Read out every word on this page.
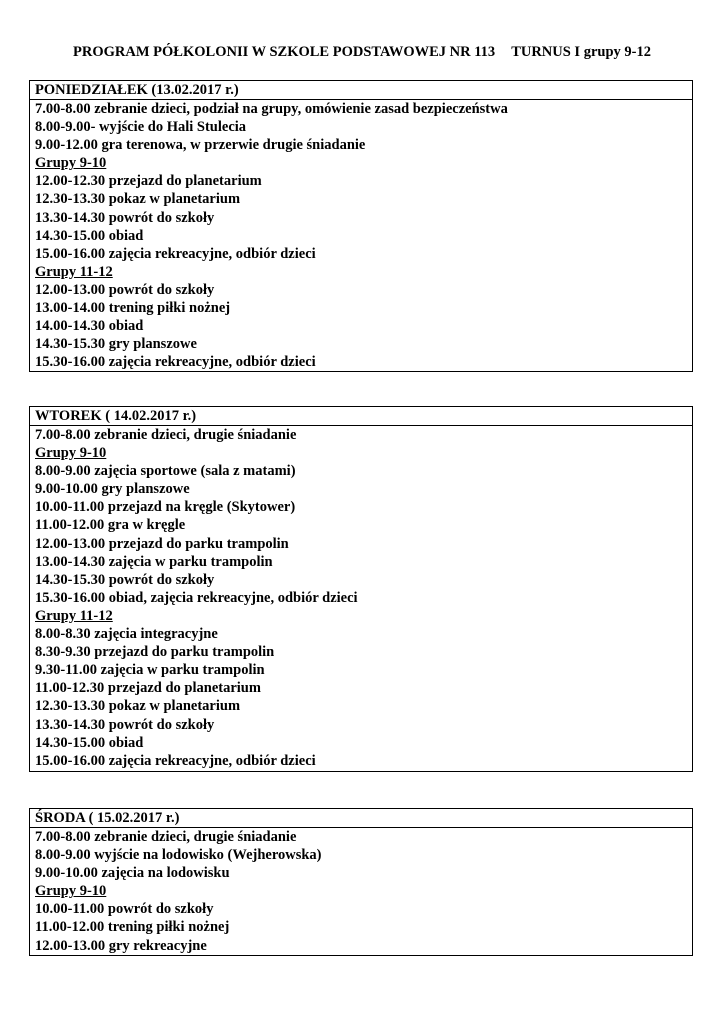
PROGRAM PÓŁKOLONII W SZKOLE PODSTAWOWEJ NR 113 TURNUS I grupy 9-12
PONIEDZIAŁEK (13.02.2017 r.)
7.00-8.00 zebranie dzieci, podział na grupy, omówienie zasad bezpieczeństwa
8.00-9.00- wyjście do Hali Stulecia
9.00-12.00 gra terenowa, w przerwie drugie śniadanie
Grupy 9-10
12.00-12.30 przejazd do planetarium
12.30-13.30 pokaz w planetarium
13.30-14.30 powrót do szkoły
14.30-15.00 obiad
15.00-16.00 zajęcia rekreacyjne, odbiór dzieci
Grupy 11-12
12.00-13.00 powrót do szkoły
13.00-14.00 trening piłki nożnej
14.00-14.30 obiad
14.30-15.30 gry planszowe
15.30-16.00 zajęcia rekreacyjne, odbiór dzieci
WTOREK ( 14.02.2017 r.)
7.00-8.00 zebranie dzieci, drugie śniadanie
Grupy 9-10
8.00-9.00 zajęcia sportowe (sala z matami)
9.00-10.00 gry planszowe
10.00-11.00 przejazd na kręgle (Skytower)
11.00-12.00 gra w kręgle
12.00-13.00 przejazd do parku trampolin
13.00-14.30 zajęcia w parku trampolin
14.30-15.30 powrót do szkoły
15.30-16.00 obiad, zajęcia rekreacyjne, odbiór dzieci
Grupy 11-12
8.00-8.30 zajęcia integracyjne
8.30-9.30 przejazd do parku trampolin
9.30-11.00 zajęcia w parku trampolin
11.00-12.30 przejazd do planetarium
12.30-13.30 pokaz w planetarium
13.30-14.30 powrót do szkoły
14.30-15.00 obiad
15.00-16.00 zajęcia rekreacyjne, odbiór dzieci
ŚRODA ( 15.02.2017 r.)
7.00-8.00 zebranie dzieci, drugie śniadanie
8.00-9.00 wyjście na lodowisko (Wejherowska)
9.00-10.00 zajęcia na lodowisku
Grupy 9-10
10.00-11.00 powrót do szkoły
11.00-12.00 trening piłki nożnej
12.00-13.00 gry rekreacyjne
